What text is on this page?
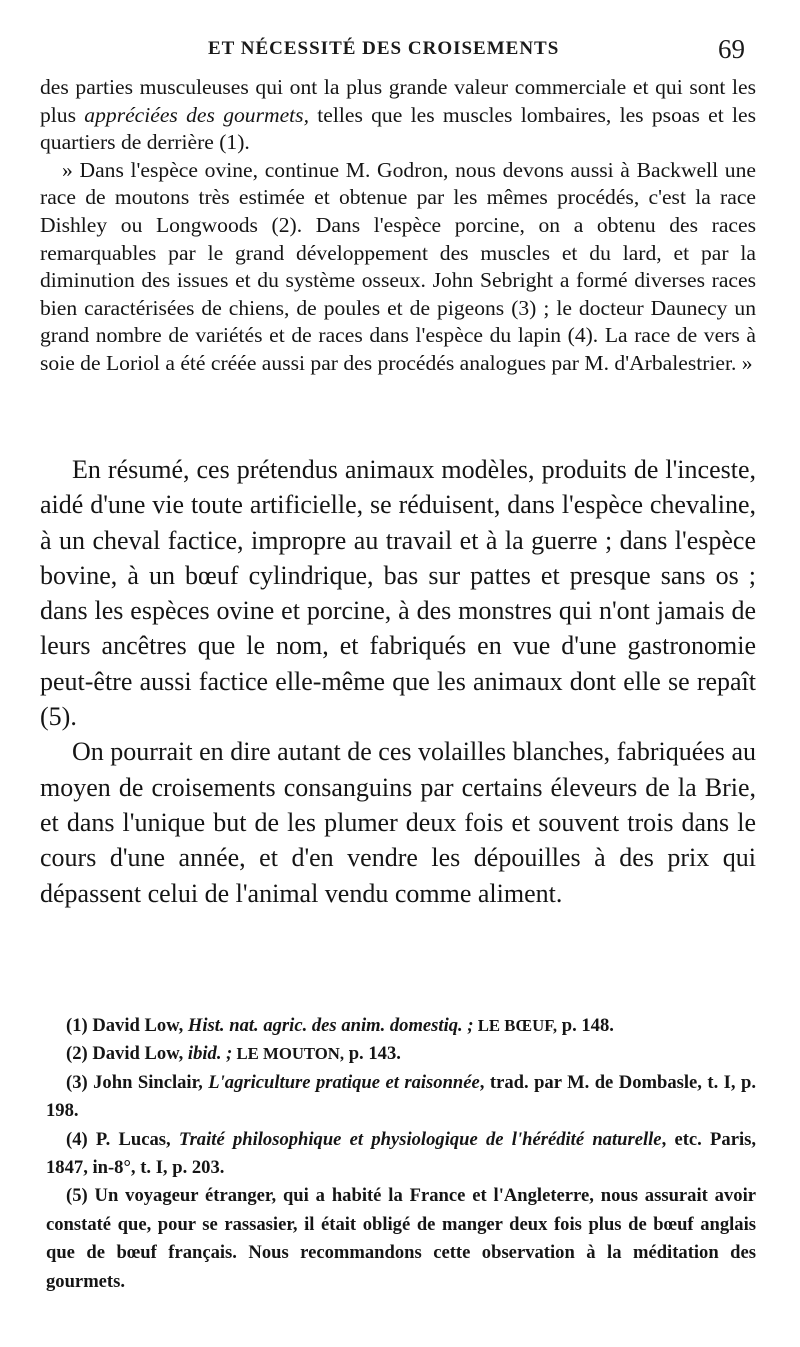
ET NÉCESSITÉ DES CROISEMENTS	69

des parties musculeuses qui ont la plus grande valeur commerciale et qui sont les plus appréciées des gourmets, telles que les muscles lombaires, les psoas et les quartiers de derrière (1).

» Dans l'espèce ovine, continue M. Godron, nous devons aussi à Backwell une race de moutons très estimée et obtenue par les mêmes procédés, c'est la race Dishley ou Longwoods (2). Dans l'espèce porcine, on a obtenu des races remarquables par le grand développement des muscles et du lard, et par la diminution des issues et du système osseux. John Sebright a formé diverses races bien caractérisées de chiens, de poules et de pigeons (3) ; le docteur Daunecy un grand nombre de variétés et de races dans l'espèce du lapin (4). La race de vers à soie de Loriol a été créée aussi par des procédés analogues par M. d'Arbalestrier. »

En résumé, ces prétendus animaux modèles, produits de l'inceste, aidé d'une vie toute artificielle, se réduisent, dans l'espèce chevaline, à un cheval factice, impropre au travail et à la guerre ; dans l'espèce bovine, à un bœuf cylindrique, bas sur pattes et presque sans os ; dans les espèces ovine et porcine, à des monstres qui n'ont jamais de leurs ancêtres que le nom, et fabriqués en vue d'une gastronomie peut-être aussi factice elle-même que les animaux dont elle se repaît (5).

On pourrait en dire autant de ces volailles blanches, fabriquées au moyen de croisements consanguins par certains éleveurs de la Brie, et dans l'unique but de les plumer deux fois et souvent trois dans le cours d'une année, et d'en vendre les dépouilles à des prix qui dépassent celui de l'animal vendu comme aliment.

(1) David Low, Hist. nat. agric. des anim. domestiq. ; LE BŒUF, p. 148.

(2) David Low, ibid. ; LE MOUTON, p. 143.

(3) John Sinclair, L'agriculture pratique et raisonnée, trad. par M. de Dombasle, t. I, p. 198.

(4) P. Lucas, Traité philosophique et physiologique de l'hérédité naturelle, etc. Paris, 1847, in-8°, t. I, p. 203.

(5) Un voyageur étranger, qui a habité la France et l'Angleterre, nous assurait avoir constaté que, pour se rassasier, il était obligé de manger deux fois plus de bœuf anglais que de bœuf français. Nous recommandons cette observation à la méditation des gourmets.
